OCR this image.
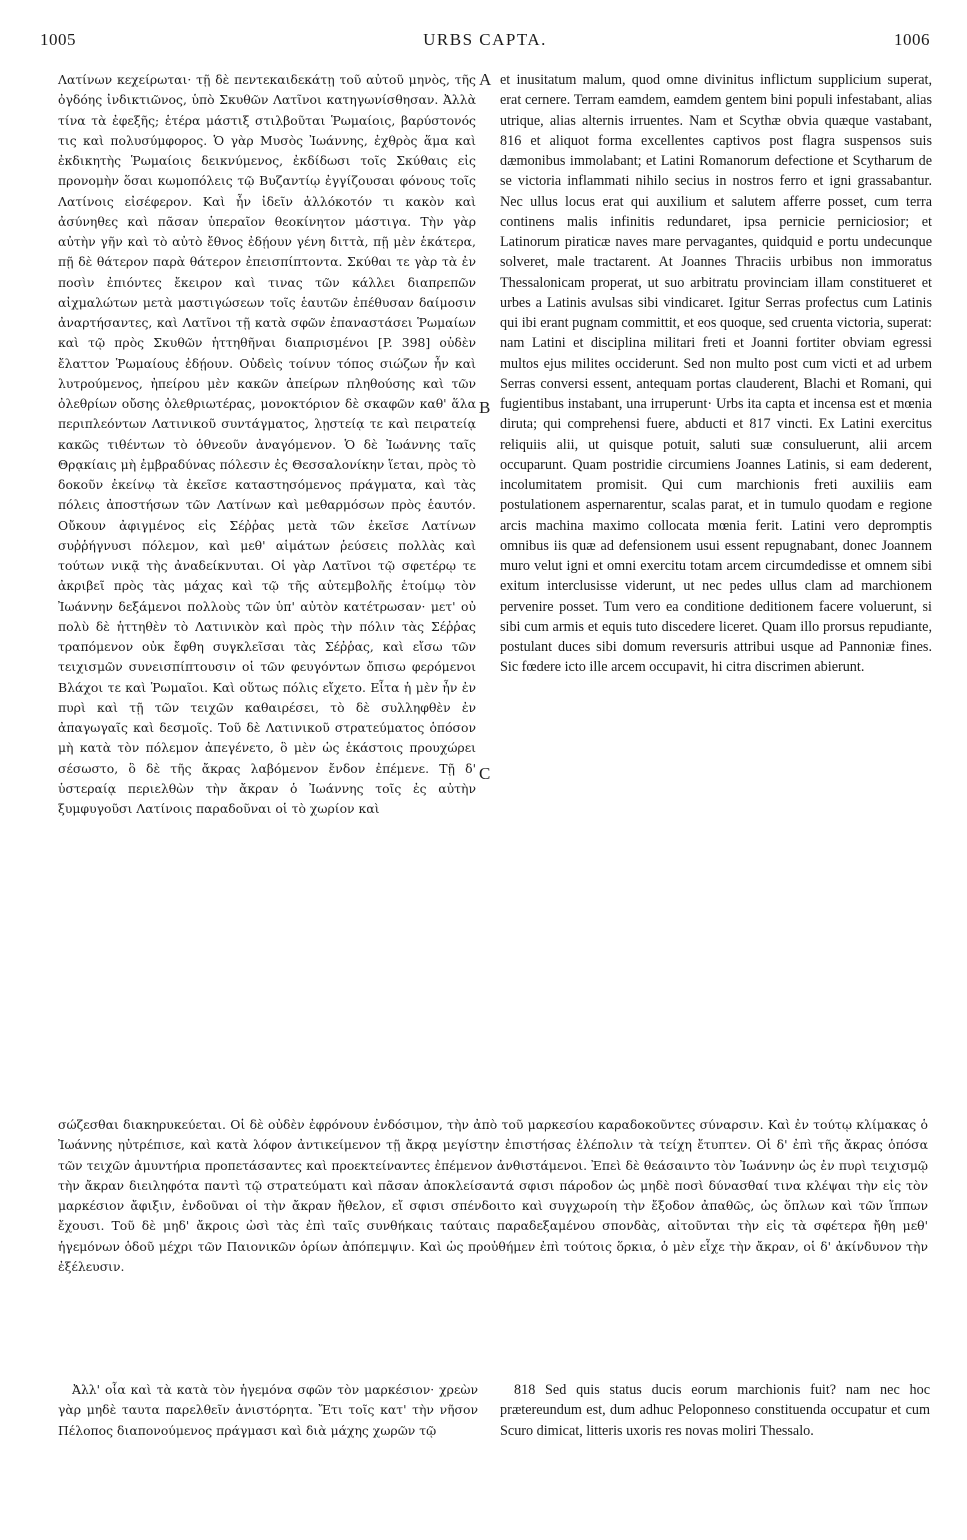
1005	URBS CAPTA.	1006

Λατίνων κεχείρωται· τῇ δὲ πεντεκαιδεκάτῃ τοῦ αὐτοῦ μηνὸς, τῆς ὀγδόης ἰνδικτιῶνος, ὑπὸ Σκυθῶν Λατῖνοι κατηγωνίσθησαν. Ἀλλὰ τίνα τὰ ἐφεξῆς; ἑτέρα μάστιξ στιλβοῦται Ῥωμαίοις, βαρύστονός τις καὶ πολυσύμφορος. Ὁ γὰρ Μυσὸς Ἰωάννης, ἐχθρὸς ἅμα καὶ ἐκδικητὴς Ῥωμαίοις δεικνύμενος, ἐκδίδωσι τοῖς Σκύθαις εἰς προνομὴν ὅσαι κωμοπόλεις τῷ Βυζαντίῳ ἐγγίζουσαι φόνους τοῖς Λατίνοις εἰσέφερον. Καὶ ἦν ἰδεῖν ἀλλόκοτόν τι κακὸν καὶ ἀσύνηθες καὶ πᾶσαν ὑπεραῖον θεοκίνητον μάστιγα. Τὴν γὰρ αὐτὴν γῆν καὶ τὸ αὐτὸ ἔθνος ἐδῄουν γένη διττὰ, πῇ μὲν ἑκάτερα, πῇ δὲ θάτερον παρὰ θάτερον ἐπεισπίπτοντα. Σκύθαι τε γὰρ τὰ ἐν ποσὶν ἐπιόντες ἔκειρον καὶ τινας τῶν κάλλει διαπρεπῶν αἰχμαλώτων μετὰ μαστιγώσεων τοῖς ἑαυτῶν ἐπέθυσαν δαίμοσιν ἀναρτήσαντες, καὶ Λατῖνοι τῇ κατὰ σφῶν ἐπαναστάσει Ῥωμαίων καὶ τῷ πρὸς Σκυθῶν ἡττηθῆναι διαπρισμένοι [P. 398] οὐδὲν ἔλαττον Ῥωμαίους ἐδῄουν. Οὐδεὶς τοίνυν τόπος σιώζων ἦν καὶ λυτρούμενος, ἠπείρου μὲν κακῶν ἀπείρων πληθούσης καὶ τῶν ὀλεθρίων οὔσης ὀλεθριωτέρας, μονοκτόριον δὲ σκαφῶν καθ' ἅλα περιπλεόντων Λατινικοῦ συντάγματος, λῃστείᾳ τε καὶ πειρατείᾳ κακῶς τιθέντων τὸ ὁθνεοῦν ἀναγόμενον. Ὁ δὲ Ἰωάννης ταῖς Θρᾳκίαις μὴ ἐμβραδύνας πόλεσιν ἐς Θεσσαλονίκην ἵεται, πρὸς τὸ δοκοῦν ἐκείνῳ τὰ ἐκεῖσε καταστησόμενος πράγματα, καὶ τὰς πόλεις ἀποστήσων τῶν Λατίνων καὶ μεθαρμόσων πρὸς ἑαυτόν. Οὔκουν ἀφιγμένος εἰς Σέῤῥας μετὰ τῶν ἐκεῖσε Λατίνων συῤῥήγνυσι πόλεμον, καὶ μεθ' αἱμάτων ῥεύσεις πολλὰς καὶ τούτων νικᾷ τὴς ἀναδείκνυται. Οἱ γὰρ Λατῖνοι τῷ σφετέρῳ τε ἀκριβεῖ πρὸς τὰς μάχας καὶ τῷ τῆς αὐτεμβολῆς ἑτοίμῳ τὸν Ἰωάννην δεξάμενοι πολλοὺς τῶν ὑπ' αὐτὸν κατέτρωσαν· μετ' οὐ πολὺ δὲ ἡττηθὲν τὸ Λατινικὸν καὶ πρὸς τὴν πόλιν τὰς Σέῤῥας τραπόμενον οὐκ ἔφθη συγκλεῖσαι τὰς Σέῤῥας, καὶ εἴσω τῶν τειχισμῶν συνεισπίπτουσιν οἱ τῶν φευγόντων ὄπισω φερόμενοι Βλάχοι τε καὶ Ῥωμαῖοι. Καὶ οὕτως πόλις εἴχετο. Εἶτα ἡ μὲν ἦν ἐν πυρὶ καὶ τῇ τῶν τειχῶν καθαιρέσει, τὸ δὲ συλληφθὲν ἐν ἀπαγωγαῖς καὶ δεσμοῖς. Τοῦ δὲ Λατινικοῦ στρατεύματος ὁπόσον μὴ κατὰ τὸν πόλεμον ἀπεγένετο, ὃ μὲν ὡς ἑκάστοις προυχώρει σέσωστο, ὃ δὲ τῆς ἄκρας λαβόμενον ἔνδον ἐπέμενε. Τῇ δ' ὑστεραίᾳ περιελθὼν τὴν ἄκραν ὁ Ἰωάννης τοῖς ἐς αὐτὴν ξυμφυγοῦσι Λατίνοις παραδοῦναι οἱ τὸ χωρίον καὶ

A
B
C

et inusitatum malum, quod omne divinitus inflictum supplicium superat, erat cernere. Terram eamdem, eamdem gentem bini populi infestabant, alias utrique, alias alternis irruentes. Nam et Scythæ obvia quæque vastabant, 816 et aliquot forma excellentes captivos post flagra suspensos suis dæmonibus immolabant; et Latini Romanorum defectione et Scytharum de se victoria inflammati nihilo secius in nostros ferro et igni grassabantur. Nec ullus locus erat qui auxilium et salutem afferre posset, cum terra continens malis infinitis redundaret, ipsa pernicie perniciosior; et Latinorum piraticæ naves mare pervagantes, quidquid e portu undecunque solveret, male tractarent. At Joannes Thraciis urbibus non immoratus Thessalonicam properat, ut suo arbitratu provinciam illam constitueret et urbes a Latinis avulsas sibi vindicaret. Igitur Serras profectus cum Latinis qui ibi erant pugnam committit, et eos quoque, sed cruenta victoria, superat: nam Latini et disciplina militari freti et Joanni fortiter obviam egressi multos ejus milites occiderunt. Sed non multo post cum victi et ad urbem Serras conversi essent, antequam portas clauderent, Blachi et Romani, qui fugientibus instabant, una irruperunt· Urbs ita capta et incensa est et mœnia diruta; qui comprehensi fuere, abducti et 817 vincti. Ex Latini exercitus reliquiis alii, ut quisque potuit, saluti suæ consuluerunt, alii arcem occuparunt. Quam postridie circumiens Joannes Latinis, si eam dederent, incolumitatem promisit. Qui cum marchionis freti auxiliis eam postulationem aspernarentur, scalas parat, et in tumulo quodam e regione arcis machina maximo collocata mœnia ferit. Latini vero depromptis omnibus iis quæ ad defensionem usui essent repugnabant, donec Joannem muro velut igni et omni exercitu totam arcem circumdedisse et omnem sibi exitum interclusisse viderunt, ut nec pedes ullus clam ad marchionem pervenire posset. Tum vero ea conditione deditionem facere voluerunt, si sibi cum armis et equis tuto discedere liceret. Quam illo prorsus repudiante, postulant duces sibi domum reversuris attribui usque ad Pannoniæ fines. Sic fœdere icto ille arcem occupavit, hi citra discrimen abierunt.

σώζεσθαι διακηρυκεύεται. Οἱ δὲ οὐδὲν ἐφρόνουν ἐνδόσιμον, τὴν ἀπὸ τοῦ μαρκεσίου καραδοκοῦντες σύναρσιν. Καὶ ἐν τούτῳ κλίμακας ὁ Ἰωάννης ηὐτρέπισε, καὶ κατὰ λόφον ἀντικείμενον τῇ ἄκρᾳ μεγίστην ἐπιστήσας ἑλέπολιν τὰ τείχη ἔτυπτεν. Οἱ δ' ἐπὶ τῆς ἄκρας ὁπόσα τῶν τειχῶν ἀμυντήρια προπετάσαντες καὶ προεκτείναντες ἐπέμενον ἀνθιστάμενοι. Ἐπεὶ δὲ θεάσαιντο τὸν Ἰωάννην ὡς ἐν πυρὶ τειχισμῷ τὴν ἄκραν διειληφότα παντὶ τῷ στρατεύματι καὶ πᾶσαν ἀποκλείσαντά σφισι πάροδον ὡς μηδὲ ποσὶ δύνασθαί τινα κλέψαι τὴν εἰς τὸν μαρκέσιον ἄφιξιν, ἐνδοῦναι οἱ τὴν ἄκραν ἤθελον, εἴ σφισι σπένδοιτο καὶ συγχωροίη τὴν ἔξοδον ἀπαθῶς, ὡς ὅπλων καὶ τῶν ἵππων ἔχουσι. Τοῦ δὲ μηδ' ἄκροις ὠσὶ τὰς ἐπὶ ταῖς συνθήκαις ταύταις παραδεξαμένου σπονδὰς, αἰτοῦνται τὴν εἰς τὰ σφέτερα ἤθη μεθ' ἡγεμόνων ὁδοῦ μέχρι τῶν Παιονικῶν ὁρίων ἀπόπεμψιν. Καὶ ὡς προὐθήμεν ἐπὶ τούτοις ὅρκια, ὁ μὲν εἶχε τὴν ἄκραν, οἱ δ' ἀκίνδυνον τὴν ἐξέλευσιν.

Ἀλλ' οἷα καὶ τὰ κατὰ τὸν ἡγεμόνα σφῶν τὸν μαρκέσιον· χρεὼν γὰρ μηδὲ ταυτα παρελθεῖν ἀνιστόρητα. Ἔτι τοῖς κατ' τὴν νῆσον Πέλοπος διαπονούμενος πράγμασι καὶ διὰ μάχης χωρῶν τῷ

818 Sed quis status ducis eorum marchionis fuit? nam nec hoc prætereundum est, dum adhuc Peloponneso constituenda occupatur et cum Scuro dimicat, litteris uxoris res novas moliri Thessalo.
